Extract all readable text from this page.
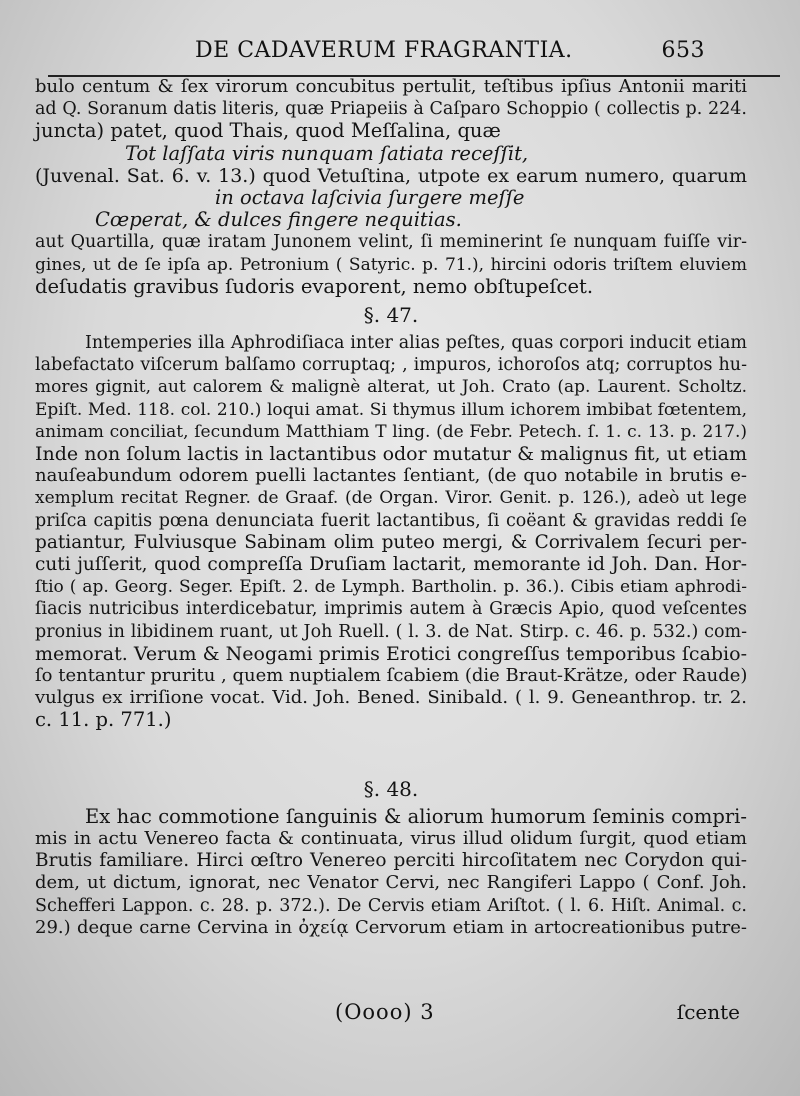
DE CADAVERUM FRAGRANTIA.	653
bulo centum & ſex virorum concubitus pertulit, teſtibus ipſius Antonii mariti
ad Q. Soranum datis literis, quæ Priapeiis à Caſparo Schoppio ( collectis p. 224.
juncta) patet, quod Thais, quod Meſſalina, quæ
Tot laſſata viris nunquam ſatiata receſſit,
(Juvenal. Sat. 6. v. 13.) quod Vetuſtina, utpote ex earum numero, quarum
in octava laſcivia ſurgere meſſe
Cœperat, & dulces fingere nequitias.
aut Quartilla, quæ iratam Junonem velint, ſi meminerint ſe nunquam fuiſſe vir-
gines, ut de ſe ipſa ap. Petronium ( Satyric. p. 71.), hircini odoris triſtem eluviem
deſudatis gravibus ſudoris evaporent, nemo obſtupeſcet.
§. 47.
Intemperies illa Aphrodiſiaca inter alias peſtes, quas corpori inducit etiam
labefactato viſcerum balſamo corruptaq; , impuros, ichoroſos atq; corruptos hu-
mores gignit, aut calorem & malignè alterat, ut Joh. Crato (ap. Laurent. Scholtz.
Epiſt. Med. 118. col. 210.) loqui amat. Si thymus illum ichorem imbibat fœtentem,
animam conciliat, ſecundum Matthiam T ling. (de Febr. Petech. ſ. 1. c. 13. p. 217.)
Inde non ſolum lactis in lactantibus odor mutatur & malignus fit, ut etiam
nauſeabundum odorem puelli lactantes ſentiant, (de quo notabile in brutis e-
xemplum recitat Regner. de Graaf. (de Organ. Viror. Genit. p. 126.), adeò ut lege
priſca capitis pœna denunciata fuerit lactantibus, ſi coëant & gravidas reddi ſe
patiantur, Fulviusque Sabinam olim puteo mergi, & Corrivalem ſecuri per-
cuti juſſerit, quod compreſſa Druſiam lactarit, memorante id Joh. Dan. Hor-
ſtio ( ap. Georg. Seger. Epiſt. 2. de Lymph. Bartholin. p. 36.). Cibis etiam aphrodi-
ſiacis nutricibus interdicebatur, imprimis autem à Græcis Apio, quod veſcentes
pronius in libidinem ruant, ut Joh Ruell. ( l. 3. de Nat. Stirp. c. 46. p. 532.) com-
memorat. Verum & Neogami primis Erotici congreſſus temporibus ſcabio-
ſo tentantur pruritu , quem nuptialem ſcabiem (die Braut-Krätze, oder Raude)
vulgus ex irriſione vocat. Vid. Joh. Bened. Sinibald. ( l. 9. Geneanthrop. tr. 2.
c. 11. p. 771.)
§. 48.
Ex hac commotione ſanguinis & aliorum humorum ſeminis compri-
mis in actu Venereo facta & continuata, virus illud olidum ſurgit, quod etiam
Brutis familiare. Hirci œſtro Venereo perciti hircoſitatem nec Corydon qui-
dem, ut dictum, ignorat, nec Venator Cervi, nec Rangiferi Lappo ( Conf. Joh.
Schefferi Lappon. c. 28. p. 372.). De Cervis etiam Ariſtot. ( l. 6. Hiſt. Animal. c.
29.) deque carne Cervina in ὀχείᾳ Cervorum etiam in artocreationibus putre-
(Oooo) 3	ſcente
